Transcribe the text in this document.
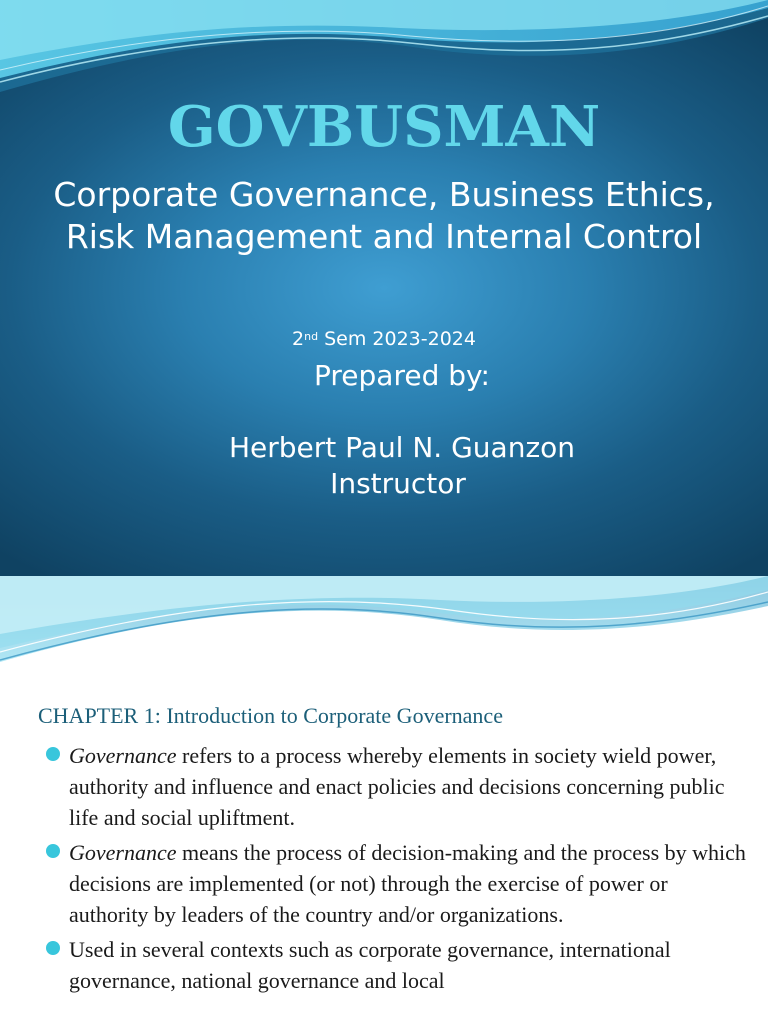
GOVBUSMAN
Corporate Governance, Business Ethics, Risk Management and Internal Control
2nd Sem 2023-2024
Prepared by:
Herbert Paul N. Guanzon
Instructor
CHAPTER 1: Introduction to Corporate Governance
Governance refers to a process whereby elements in society wield power, authority and influence and enact policies and decisions concerning public life and social upliftment.
Governance means the process of decision-making and the process by which decisions are implemented (or not) through the exercise of power or authority by leaders of the country and/or organizations.
Used in several contexts such as corporate governance, international governance, national governance and local
